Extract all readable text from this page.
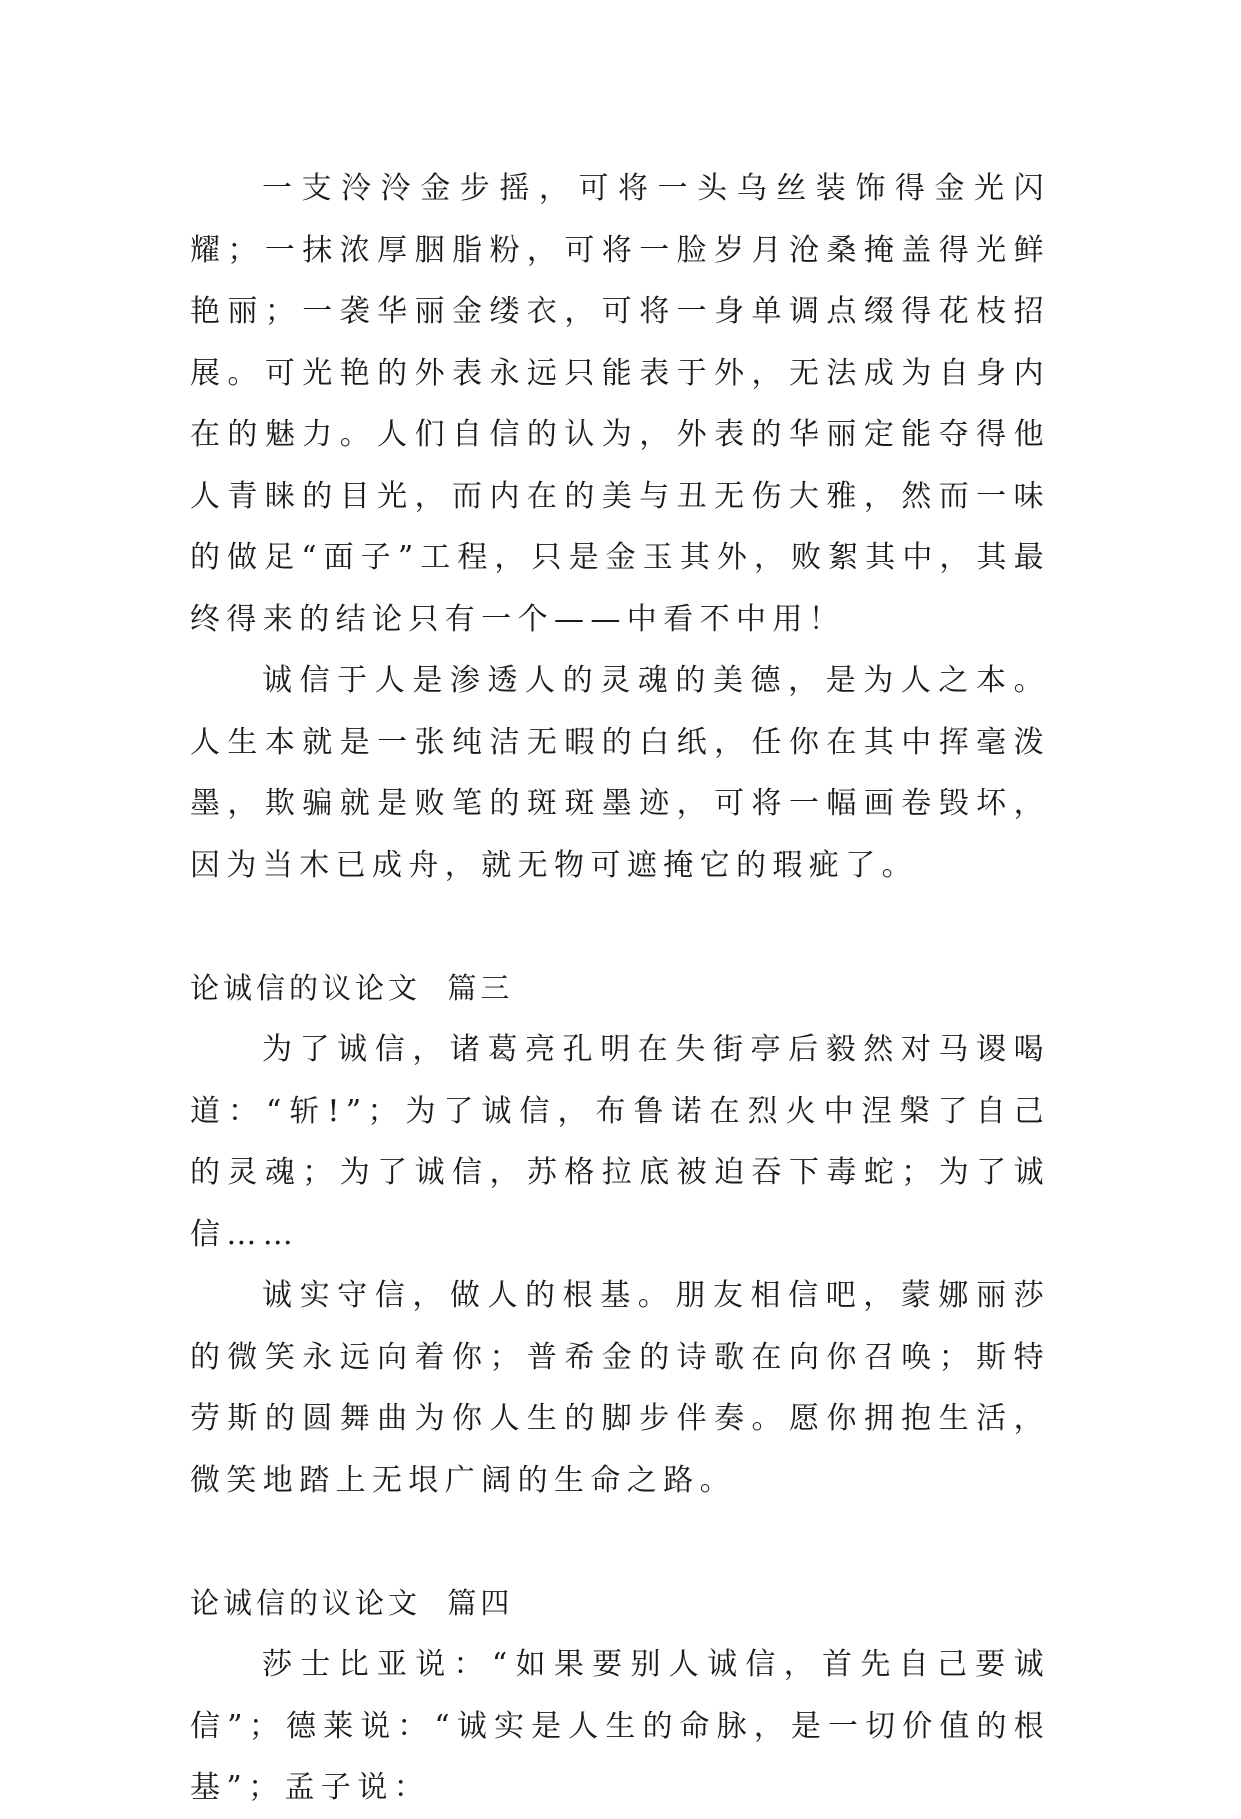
一支泠泠金步摇，可将一头乌丝装饰得金光闪耀；一抹浓厚胭脂粉，可将一脸岁月沧桑掩盖得光鲜艳丽；一袭华丽金缕衣，可将一身单调点缀得花枝招展。可光艳的外表永远只能表于外，无法成为自身内在的魅力。人们自信的认为，外表的华丽定能夺得他人青睐的目光，而内在的美与丑无伤大雅，然而一味的做足“面子”工程，只是金玉其外，败絮其中，其最终得来的结论只有一个——中看不中用！

诚信于人是渗透人的灵魂的美德，是为人之本。人生本就是一张纯洁无暇的白纸，任你在其中挥毫泼墨，欺骗就是败笔的斑斑墨迹，可将一幅画卷毁坏，因为当木已成舟，就无物可遮掩它的瑕疵了。

论诚信的议论文  篇三

为了诚信，诸葛亮孔明在失街亭后毅然对马谡喝道：“斩!”；为了诚信，布鲁诺在烈火中涅槃了自己的灵魂；为了诚信，苏格拉底被迫吞下毒蛇；为了诚信……

诚实守信，做人的根基。朋友相信吧，蒙娜丽莎的微笑永远向着你；普希金的诗歌在向你召唤；斯特劳斯的圆舞曲为你人生的脚步伴奏。愿你拥抱生活，微笑地踏上无垠广阔的生命之路。

论诚信的议论文  篇四

莎士比亚说：“如果要别人诚信，首先自己要诚信”；德莱说：“诚实是人生的命脉，是一切价值的根基”；孟子说：
